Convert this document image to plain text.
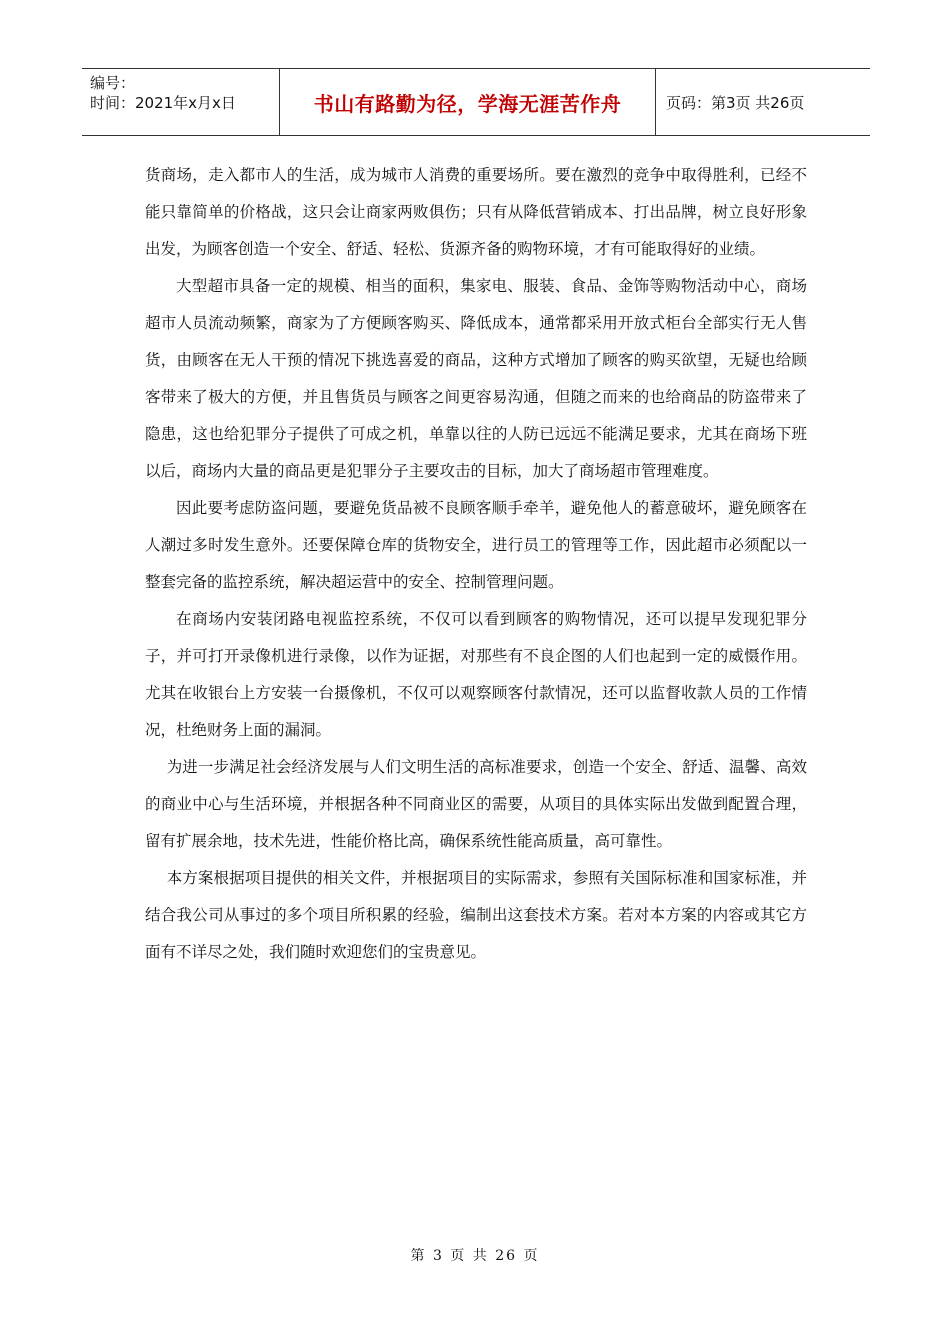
编号：
时间：2021年x月x日	书山有路勤为径，学海无涯苦作舟	页码：第3页 共26页

货商场，走入都市人的生活，成为城市人消费的重要场所。要在激烈的竞争中取得胜利，已经不能只靠简单的价格战，这只会让商家两败俱伤；只有从降低营销成本、打出品牌，树立良好形象出发，为顾客创造一个安全、舒适、轻松、货源齐备的购物环境，才有可能取得好的业绩。

大型超市具备一定的规模、相当的面积，集家电、服装、食品、金饰等购物活动中心，商场超市人员流动频繁，商家为了方便顾客购买、降低成本，通常都采用开放式柜台全部实行无人售货，由顾客在无人干预的情况下挑选喜爱的商品，这种方式增加了顾客的购买欲望，无疑也给顾客带来了极大的方便，并且售货员与顾客之间更容易沟通，但随之而来的也给商品的防盗带来了隐患，这也给犯罪分子提供了可成之机，单靠以往的人防已远远不能满足要求，尤其在商场下班以后，商场内大量的商品更是犯罪分子主要攻击的目标，加大了商场超市管理难度。

因此要考虑防盗问题，要避免货品被不良顾客顺手牵羊，避免他人的蓄意破坏，避免顾客在人潮过多时发生意外。还要保障仓库的货物安全，进行员工的管理等工作，因此超市必须配以一整套完备的监控系统，解决超运营中的安全、控制管理问题。

在商场内安装闭路电视监控系统，不仅可以看到顾客的购物情况，还可以提早发现犯罪分子，并可打开录像机进行录像，以作为证据，对那些有不良企图的人们也起到一定的威慑作用。尤其在收银台上方安装一台摄像机，不仅可以观察顾客付款情况，还可以监督收款人员的工作情况，杜绝财务上面的漏洞。

为进一步满足社会经济发展与人们文明生活的高标准要求，创造一个安全、舒适、温馨、高效的商业中心与生活环境，并根据各种不同商业区的需要，从项目的具体实际出发做到配置合理，留有扩展余地，技术先进，性能价格比高，确保系统性能高质量，高可靠性。

本方案根据项目提供的相关文件，并根据项目的实际需求，参照有关国际标准和国家标准，并结合我公司从事过的多个项目所积累的经验，编制出这套技术方案。若对本方案的内容或其它方面有不详尽之处，我们随时欢迎您们的宝贵意见。

第 3 页 共 26 页
